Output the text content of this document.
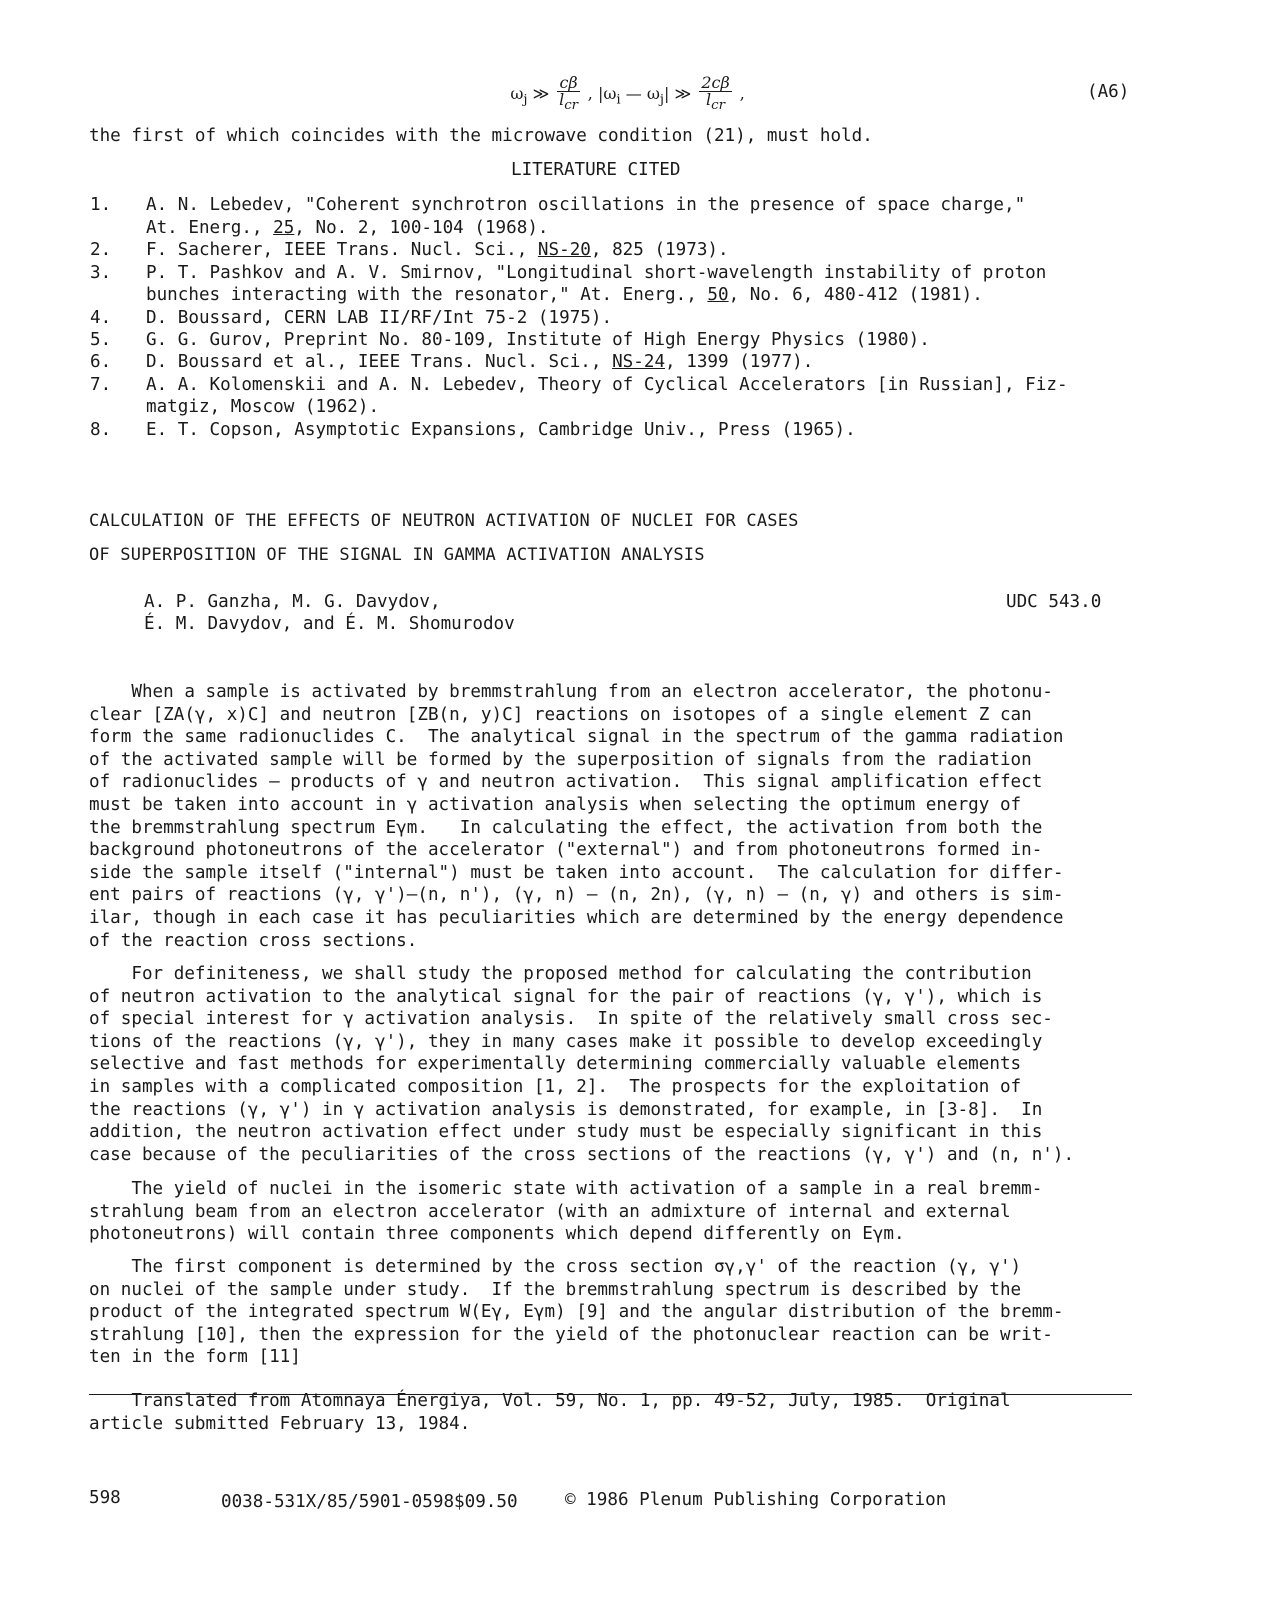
$\omega_j$ ≫ $\frac{c\beta}{l_{cr}}$ , $|\omega_i$ — $\omega_j|$ ≫ $\frac{2c\beta}{l_{cr}}$ ,
	(A6)
the first of which coincides with the microwave condition (21), must hold.
LITERATURE CITED
1. A. N. Lebedev, "Coherent synchrotron oscillations in the presence of space charge,"
At. Energ., 25, No. 2, 100-104 (1968).
2. F. Sacherer, IEEE Trans. Nucl. Sci., NS-20, 825 (1973).
3. P. T. Pashkov and A. V. Smirnov, "Longitudinal short-wavelength instability of proton
bunches interacting with the resonator," At. Energ., 50, No. 6, 480-412 (1981).
4. D. Boussard, CERN LAB II/RF/Int 75-2 (1975).
5. G. G. Gurov, Preprint No. 80-109, Institute of High Energy Physics (1980).
6. D. Boussard et al., IEEE Trans. Nucl. Sci., NS-24, 1399 (1977).
7. A. A. Kolomenskii and A. N. Lebedev, Theory of Cyclical Accelerators [in Russian], Fiz-
matgiz, Moscow (1962).
8. E. T. Copson, Asymptotic Expansions, Cambridge Univ., Press (1965).
CALCULATION OF THE EFFECTS OF NEUTRON ACTIVATION OF NUCLEI FOR CASES
OF SUPERPOSITION OF THE SIGNAL IN GAMMA ACTIVATION ANALYSIS
A. P. Ganzha, M. G. Davydov,
É. M. Davydov, and É. M. Shomurodov
UDC 543.0
When a sample is activated by bremmstrahlung from an electron accelerator, the photonu-
clear [ZA(γ, x)C] and neutron [ZB(n, y)C] reactions on isotopes of a single element Z can
form the same radionuclides C.  The analytical signal in the spectrum of the gamma radiation
of the activated sample will be formed by the superposition of signals from the radiation
of radionuclides — products of γ and neutron activation.  This signal amplification effect
must be taken into account in γ activation analysis when selecting the optimum energy of
the bremmstrahlung spectrum Eγm.   In calculating the effect, the activation from both the
background photoneutrons of the accelerator ("external") and from photoneutrons formed in-
side the sample itself ("internal") must be taken into account.  The calculation for differ-
ent pairs of reactions (γ, γ')—(n, n'), (γ, n) — (n, 2n), (γ, n) — (n, γ) and others is sim-
ilar, though in each case it has peculiarities which are determined by the energy dependence
of the reaction cross sections.
For definiteness, we shall study the proposed method for calculating the contribution
of neutron activation to the analytical signal for the pair of reactions (γ, γ'), which is
of special interest for γ activation analysis.  In spite of the relatively small cross sec-
tions of the reactions (γ, γ'), they in many cases make it possible to develop exceedingly
selective and fast methods for experimentally determining commercially valuable elements
in samples with a complicated composition [1, 2].  The prospects for the exploitation of
the reactions (γ, γ') in γ activation analysis is demonstrated, for example, in [3-8].  In
addition, the neutron activation effect under study must be especially significant in this
case because of the peculiarities of the cross sections of the reactions (γ, γ') and (n, n').
The yield of nuclei in the isomeric state with activation of a sample in a real bremm-
strahlung beam from an electron accelerator (with an admixture of internal and external
photoneutrons) will contain three components which depend differently on Eγm.
The first component is determined by the cross section σγ,γ' of the reaction (γ, γ')
on nuclei of the sample under study.  If the bremmstrahlung spectrum is described by the
product of the integrated spectrum W(Eγ, Eγm) [9] and the angular distribution of the bremm-
strahlung [10], then the expression for the yield of the photonuclear reaction can be writ-
ten in the form [11]
Translated from Atomnaya Énergiya, Vol. 59, No. 1, pp. 49-52, July, 1985.  Original
article submitted February 13, 1984.
598	0038-531X/85/5901-0598$09.50	© 1986 Plenum Publishing Corporation
